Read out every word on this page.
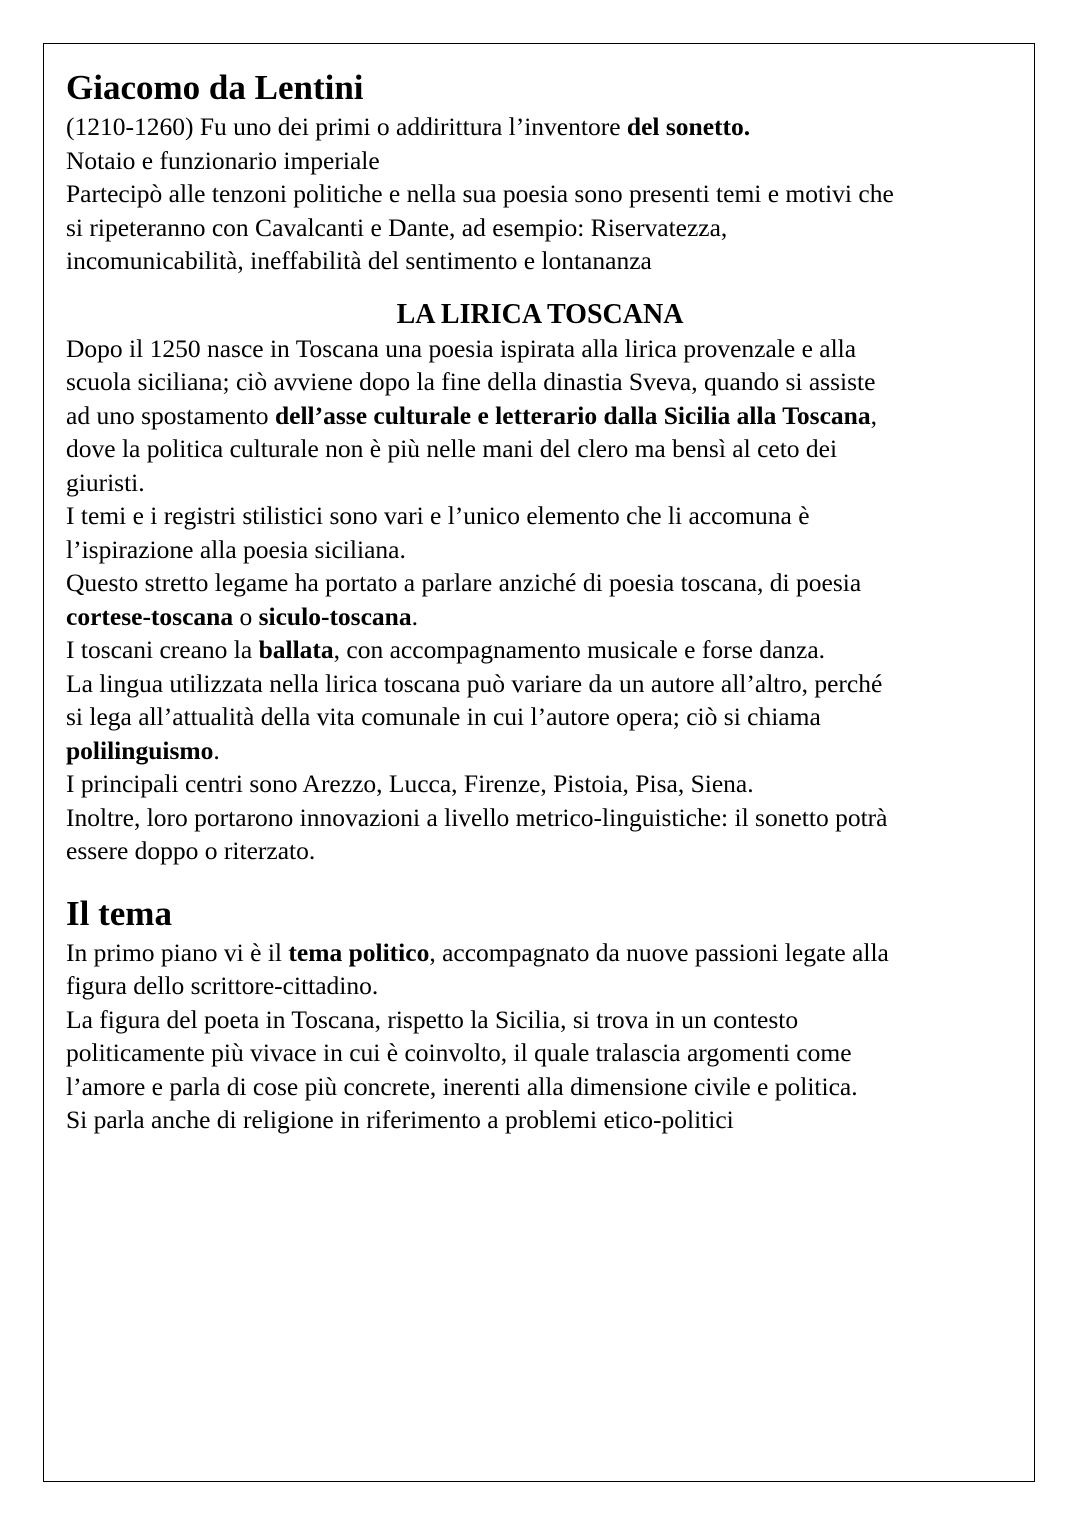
Giacomo da Lentini

(1210-1260) Fu uno dei primi o addirittura l’inventore del sonetto.

Notaio e funzionario imperiale

Partecipò alle tenzoni politiche e nella sua poesia sono presenti temi e motivi che

si ripeteranno con Cavalcanti e Dante, ad esempio: Riservatezza,

incomunicabilità, ineffabilità del sentimento e lontananza

LA LIRICA TOSCANA

Dopo il 1250 nasce in Toscana una poesia ispirata alla lirica provenzale e alla

scuola siciliana; ciò avviene dopo la fine della dinastia Sveva, quando si assiste

ad uno spostamento dell’asse culturale e letterario dalla Sicilia alla Toscana,

dove la politica culturale non è più nelle mani del clero ma bensì al ceto dei

giuristi.

I temi e i registri stilistici sono vari e l’unico elemento che li accomuna è

l’ispirazione alla poesia siciliana.

Questo stretto legame ha portato a parlare anziché di poesia toscana, di poesia

cortese-toscana o siculo-toscana.

I toscani creano la ballata, con accompagnamento musicale e forse danza.

La lingua utilizzata nella lirica toscana può variare da un autore all’altro, perché

si lega all’attualità della vita comunale in cui l’autore opera; ciò si chiama

polilinguismo.

I principali centri sono Arezzo, Lucca, Firenze, Pistoia, Pisa, Siena.

Inoltre, loro portarono innovazioni a livello metrico-linguistiche: il sonetto potrà

essere doppo o riterzato.

Il tema

In primo piano vi è il tema politico, accompagnato da nuove passioni legate alla

figura dello scrittore-cittadino.

La figura del poeta in Toscana, rispetto la Sicilia, si trova in un contesto

politicamente più vivace in cui è coinvolto, il quale tralascia argomenti come

l’amore e parla di cose più concrete, inerenti alla dimensione civile e politica.

Si parla anche di religione in riferimento a problemi etico-politici
